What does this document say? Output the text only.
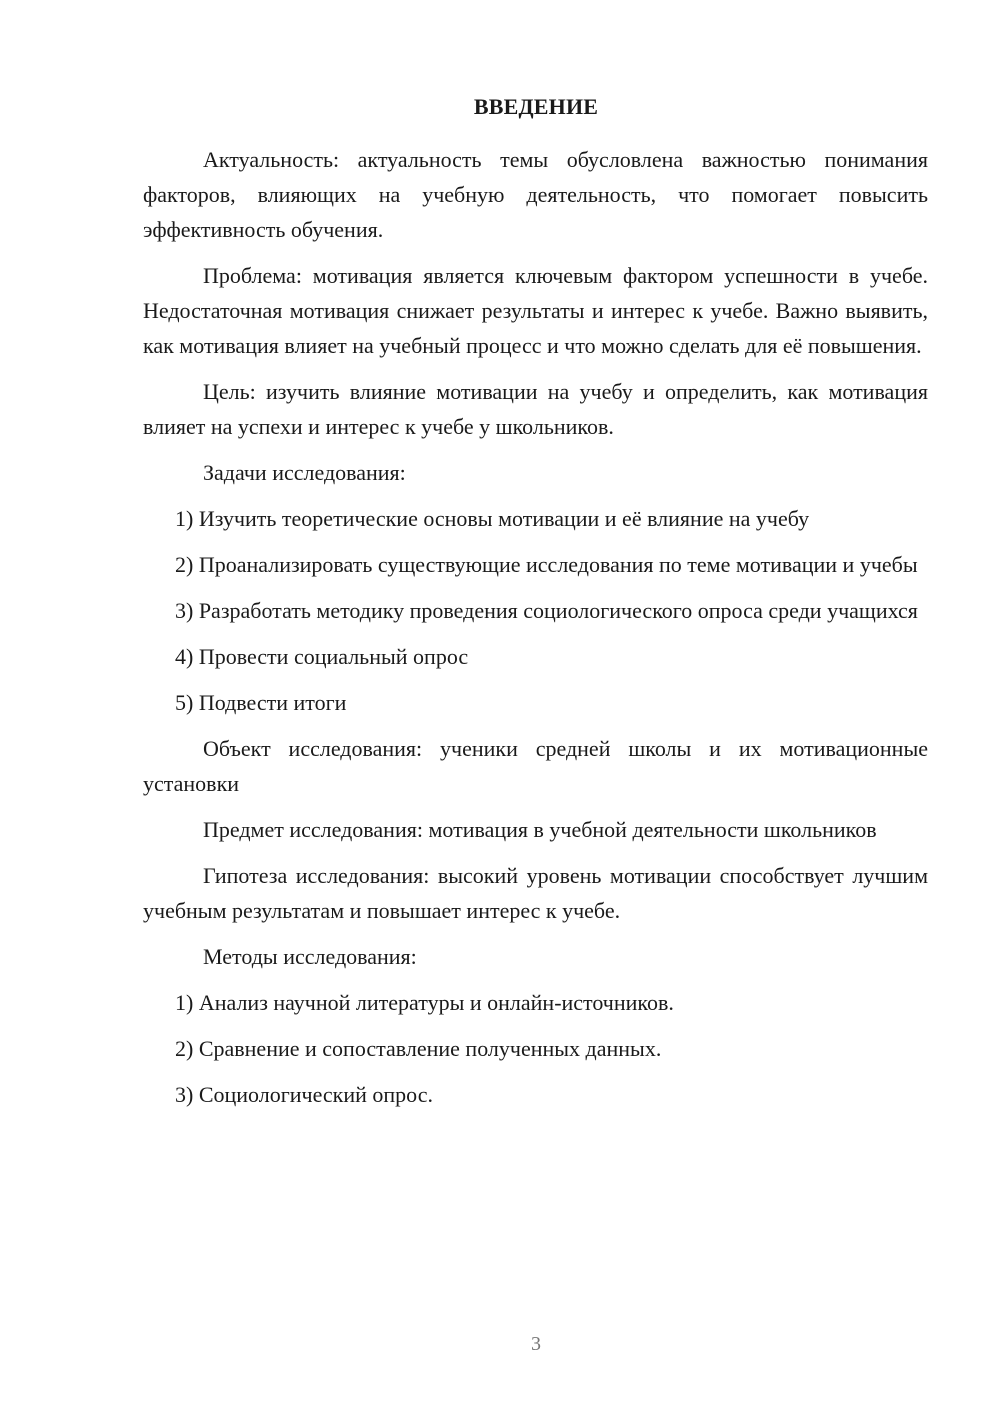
ВВЕДЕНИЕ

Актуальность: актуальность темы обусловлена важностью понимания факторов, влияющих на учебную деятельность, что помогает повысить эффективность обучения.

Проблема: мотивация является ключевым фактором успешности в учебе. Недостаточная мотивация снижает результаты и интерес к учебе. Важно выявить, как мотивация влияет на учебный процесс и что можно сделать для её повышения.

Цель: изучить влияние мотивации на учебу и определить, как мотивация влияет на успехи и интерес к учебе у школьников.

Задачи исследования:

1) Изучить теоретические основы мотивации и её влияние на учебу

2) Проанализировать существующие исследования по теме мотивации и учебы

3) Разработать методику проведения социологического опроса среди учащихся

4) Провести социальный опрос

5) Подвести итоги

Объект исследования: ученики средней школы и их мотивационные установки

Предмет исследования: мотивация в учебной деятельности школьников

Гипотеза исследования: высокий уровень мотивации способствует лучшим учебным результатам и повышает интерес к учебе.

Методы исследования:

1) Анализ научной литературы и онлайн-источников.

2) Сравнение и сопоставление полученных данных.

3) Социологический опрос.

3
